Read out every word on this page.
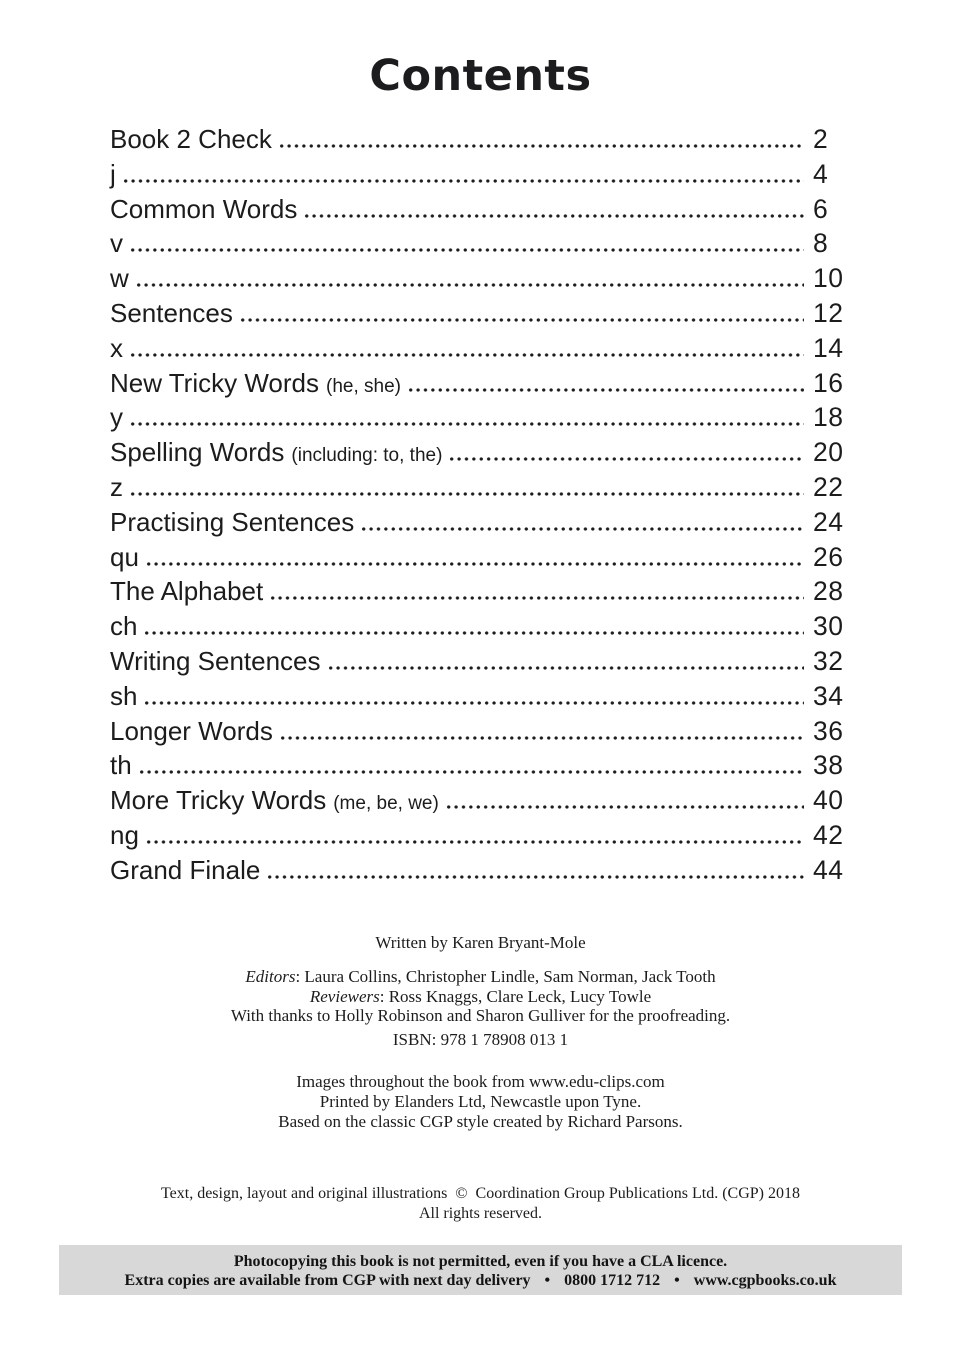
Contents
Book 2 Check	2
j	4
Common Words	6
v	8
w	10
Sentences	12
x	14
New Tricky Words (he, she)	16
y	18
Spelling Words (including: to, the)	20
z	22
Practising Sentences	24
qu	26
The Alphabet	28
ch	30
Writing Sentences	32
sh	34
Longer Words	36
th	38
More Tricky Words (me, be, we)	40
ng	42
Grand Finale	44

Written by Karen Bryant-Mole

Editors: Laura Collins, Christopher Lindle, Sam Norman, Jack Tooth

Reviewers: Ross Knaggs, Clare Leck, Lucy Towle

With thanks to Holly Robinson and Sharon Gulliver for the proofreading.

ISBN: 978 1 78908 013 1

Images throughout the book from www.edu-clips.com

Printed by Elanders Ltd, Newcastle upon Tyne.

Based on the classic CGP style created by Richard Parsons.

Text, design, layout and original illustrations © Coordination Group Publications Ltd. (CGP) 2018

All rights reserved.

Photocopying this book is not permitted, even if you have a CLA licence.

Extra copies are available from CGP with next day delivery • 0800 1712 712 • www.cgpbooks.co.uk
